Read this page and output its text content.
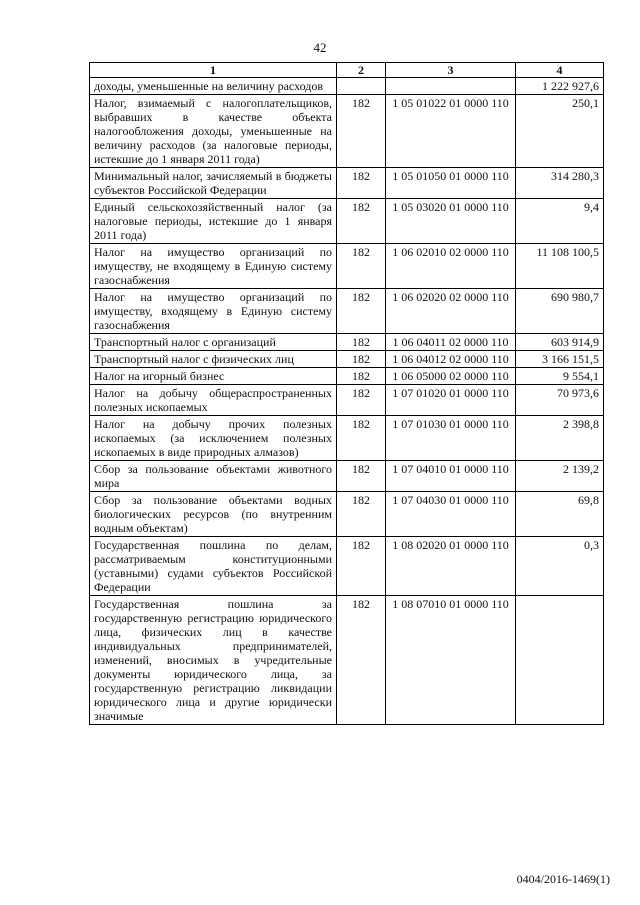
42
1	2	3	4
доходы, уменьшенные на величину расходов			1 222 927,6
Налог, взимаемый с налогоплательщиков, выбравших в качестве объекта налогообложения доходы, уменьшенные на величину расходов (за налоговые периоды, истекшие до 1 января 2011 года)	182	1 05 01022 01 0000 110	250,1
Минимальный налог, зачисляемый в бюджеты субъектов Российской Федерации	182	1 05 01050 01 0000 110	314 280,3
Единый сельскохозяйственный налог (за налоговые периоды, истекшие до 1 января 2011 года)	182	1 05 03020 01 0000 110	9,4
Налог на имущество организаций по имуществу, не входящему в Единую систему газоснабжения	182	1 06 02010 02 0000 110	11 108 100,5
Налог на имущество организаций по имуществу, входящему в Единую систему газоснабжения	182	1 06 02020 02 0000 110	690 980,7
Транспортный налог с организаций	182	1 06 04011 02 0000 110	603 914,9
Транспортный налог с физических лиц	182	1 06 04012 02 0000 110	3 166 151,5
Налог на игорный бизнес	182	1 06 05000 02 0000 110	9 554,1
Налог на добычу общераспространенных полезных ископаемых	182	1 07 01020 01 0000 110	70 973,6
Налог на добычу прочих полезных ископаемых (за исключением полезных ископаемых в виде природных алмазов)	182	1 07 01030 01 0000 110	2 398,8
Сбор за пользование объектами животного мира	182	1 07 04010 01 0000 110	2 139,2
Сбор за пользование объектами водных биологических ресурсов (по внутренним водным объектам)	182	1 07 04030 01 0000 110	69,8
Государственная пошлина по делам, рассматриваемым конституционными (уставными) судами субъектов Российской Федерации	182	1 08 02020 01 0000 110	0,3
Государственная пошлина за государственную регистрацию юридического лица, физических лиц в качестве индивидуальных предпринимателей, изменений, вносимых в учредительные документы юридического лица, за государственную регистрацию ликвидации юридического лица и другие юридически значимые	182	1 08 07010 01 0000 110	
0404/2016-1469(1)
